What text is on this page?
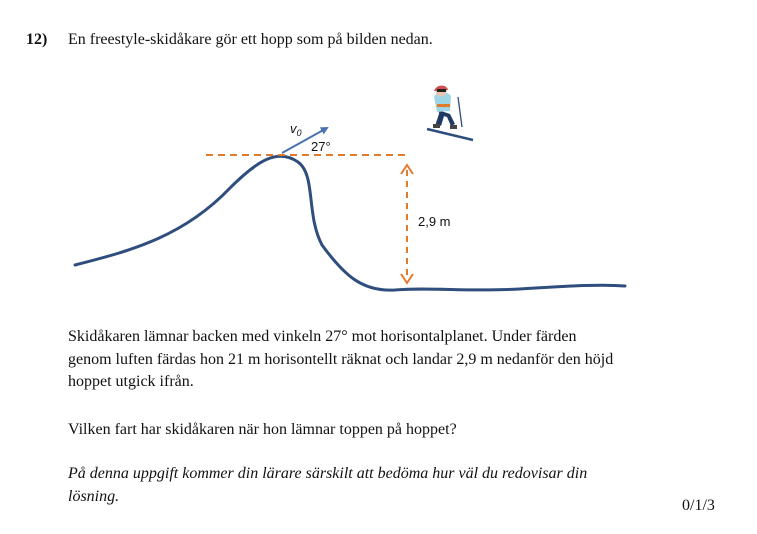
12) En freestyle-skidåkare gör ett hopp som på bilden nedan.
$v_0$
27°
2,9 m

Skidåkaren lämnar backen med vinkeln 27° mot horisontalplanet. Under färden
genom luften färdas hon 21 m horisontellt räknat och landar 2,9 m nedanför den höjd
hoppet utgick ifrån.

Vilken fart har skidåkaren när hon lämnar toppen på hoppet?

På denna uppgift kommer din lärare särskilt att bedöma hur väl du redovisar din
lösning.

0/1/3
